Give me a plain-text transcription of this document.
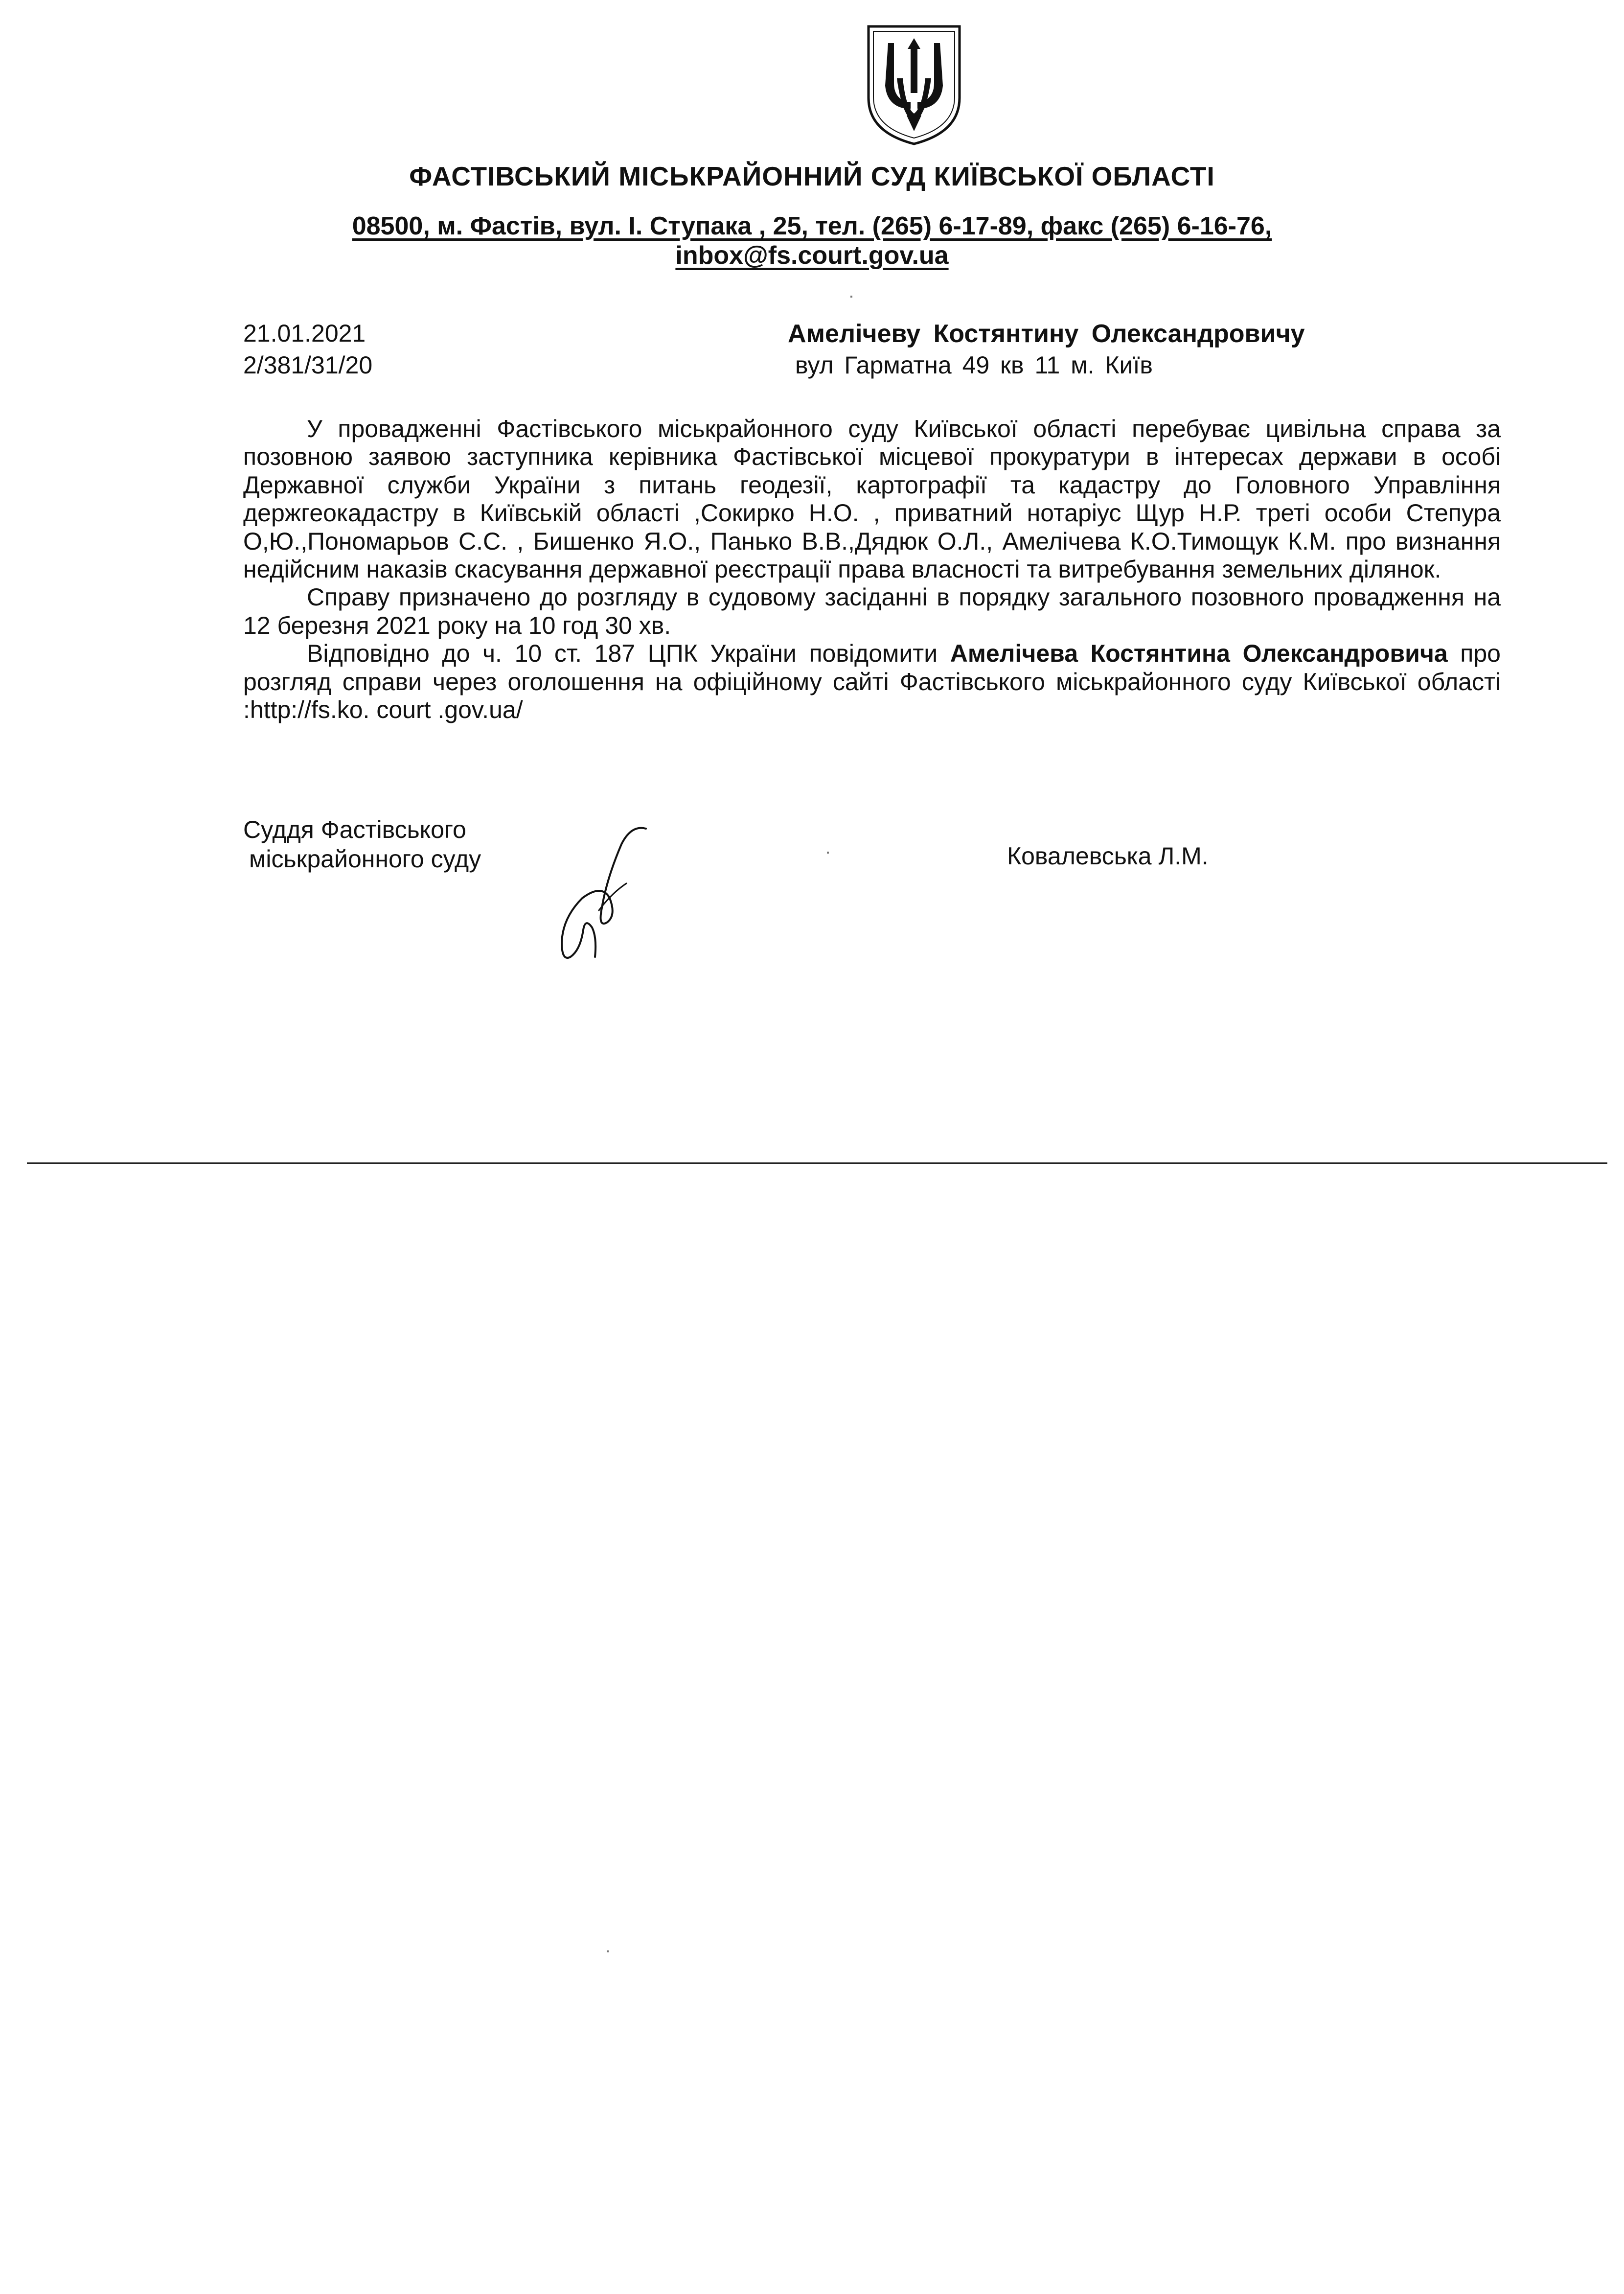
ФАСТІВСЬКИЙ МІСЬКРАЙОННИЙ СУД КИЇВСЬКОЇ ОБЛАСТІ
08500, м. Фастів, вул. І. Ступака , 25, тел. (265) 6-17-89, факс (265) 6-16-76,
inbox@fs.court.gov.ua
21.01.2021
2/381/31/20
Амелічеву Костянтину Олександровичу
вул Гарматна 49 кв 11 м. Київ

У провадженні Фастівського міськрайонного суду Київської області перебуває цивільна справа за позовною заявою заступника керівника Фастівської місцевої прокуратури в інтересах держави в особі Державної служби України з питань геодезії, картографії та кадастру до Головного Управління держгеокадастру в Київській області ,Сокирко Н.О. , приватний нотаріус Щур Н.Р. треті особи Степура О,Ю.,Пономарьов С.С. , Бишенко Я.О., Панько В.В.,Дядюк О.Л., Амелічева К.О.Тимощук К.М. про визнання недійсним наказів скасування державної реєстрації права власності та витребування земельних ділянок.

Справу призначено до розгляду в судовому засіданні в порядку загального позовного провадження на 12 березня 2021 року на 10 год 30 хв.

Відповідно до ч. 10 ст. 187 ЦПК України повідомити Амелічева Костянтина Олександровича про розгляд справи через оголошення на офіційному сайті Фастівського міськрайонного суду Київської області :http://fs.ko. court .gov.ua/

Суддя Фастівського
міськрайонного суду	Ковалевська Л.М.
